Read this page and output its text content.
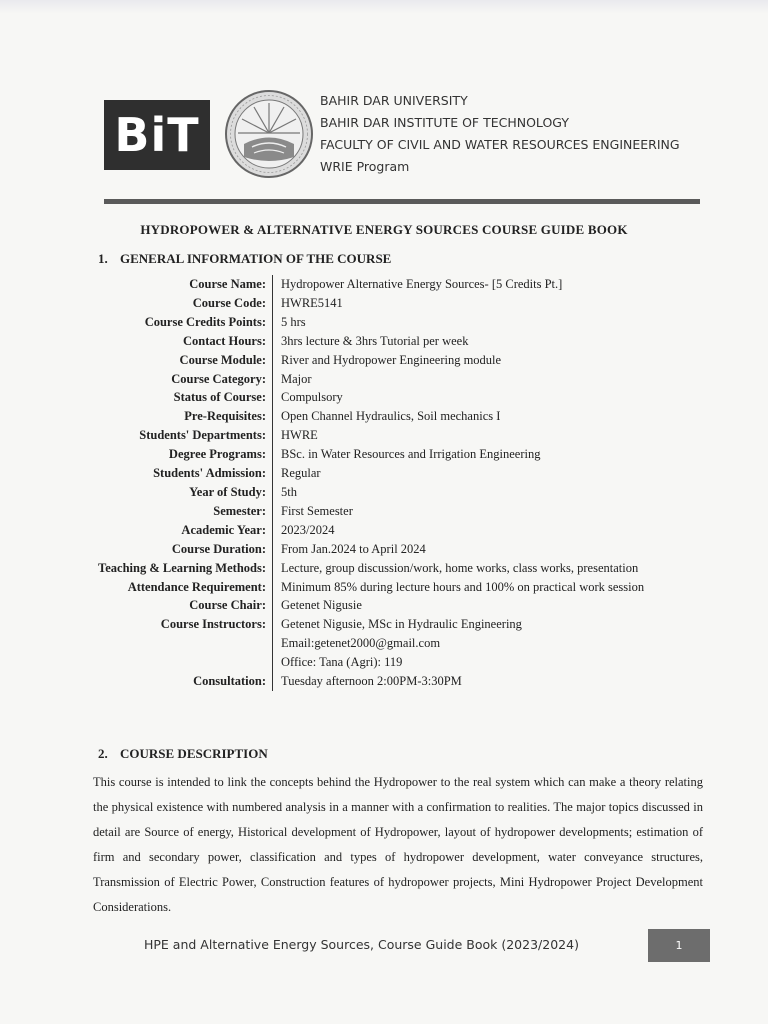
BiT
BAHIR DAR UNIVERSITY
BAHIR DAR INSTITUTE OF TECHNOLOGY
FACULTY OF CIVIL AND WATER RESOURCES ENGINEERING
WRIE Program
HYDROPOWER & ALTERNATIVE ENERGY SOURCES COURSE GUIDE BOOK
1. GENERAL INFORMATION OF THE COURSE
Course Name:	Hydropower Alternative Energy Sources- [5 Credits Pt.]
Course Code:	HWRE5141
Course Credits Points:	5 hrs
Contact Hours:	3hrs lecture & 3hrs Tutorial per week
Course Module:	River and Hydropower Engineering module
Course Category:	Major
Status of Course:	Compulsory
Pre-Requisites:	Open Channel Hydraulics, Soil mechanics I
Students' Departments:	HWRE
Degree Programs:	BSc. in Water Resources and Irrigation Engineering
Students' Admission:	Regular
Year of Study:	5th
Semester:	First Semester
Academic Year:	2023/2024
Course Duration:	From Jan.2024 to April 2024
Teaching & Learning Methods:	Lecture, group discussion/work, home works, class works, presentation
Attendance Requirement:	Minimum 85% during lecture hours and 100% on practical work session
Course Chair:	Getenet Nigusie
Course Instructors:	Getenet Nigusie, MSc in Hydraulic Engineering
	Email:getenet2000@gmail.com
	Office: Tana (Agri): 119
Consultation:	Tuesday afternoon 2:00PM-3:30PM
2. COURSE DESCRIPTION

This course is intended to link the concepts behind the Hydropower to the real system which can make a theory relating the physical existence with numbered analysis in a manner with a confirmation to realities. The major topics discussed in detail are Source of energy, Historical development of Hydropower, layout of hydropower developments; estimation of firm and secondary power, classification and types of hydropower development, water conveyance structures, Transmission of Electric Power, Construction features of hydropower projects, Mini Hydropower Project Development Considerations.

HPE and Alternative Energy Sources, Course Guide Book (2023/2024)	1
